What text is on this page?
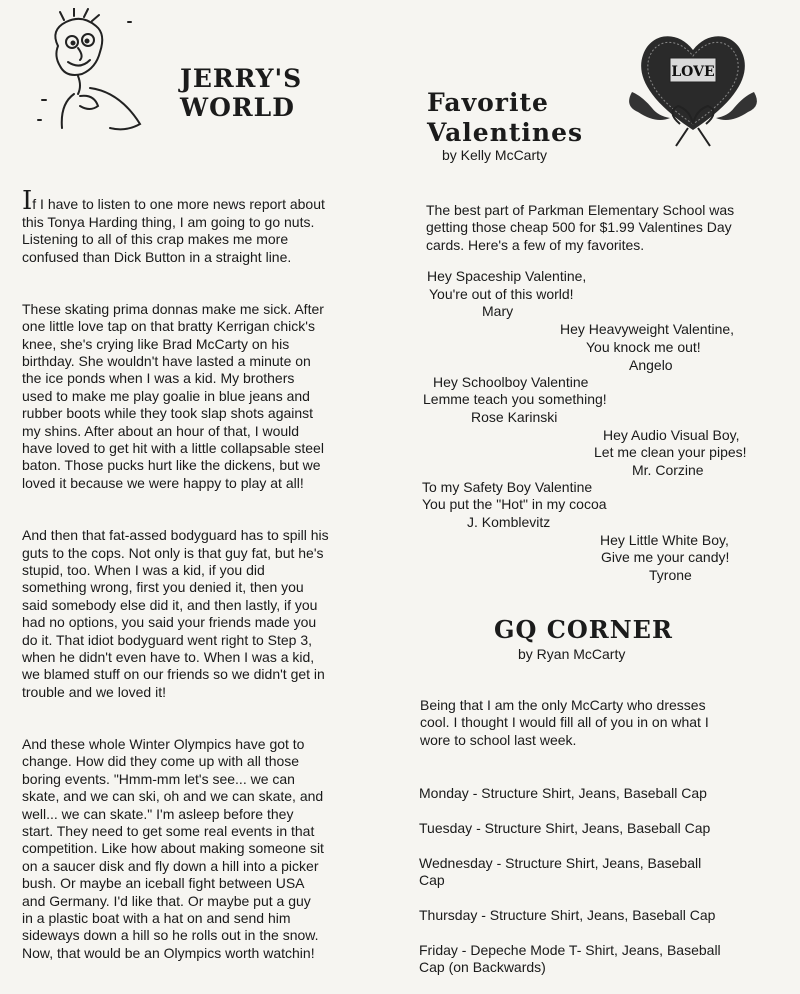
JERRY'S
WORLD

If I have to listen to one more news report about
this Tonya Harding thing, I am going to go nuts.
Listening to all of this crap makes me more
confused than Dick Button in a straight line.

These skating prima donnas make me sick. After
one little love tap on that bratty Kerrigan chick's
knee, she's crying like Brad McCarty on his
birthday. She wouldn't have lasted a minute on
the ice ponds when I was a kid. My brothers
used to make me play goalie in blue jeans and
rubber boots while they took slap shots against
my shins. After about an hour of that, I would
have loved to get hit with a little collapsable steel
baton. Those pucks hurt like the dickens, but we
loved it because we were happy to play at all!

And then that fat-assed bodyguard has to spill his
guts to the cops. Not only is that guy fat, but he's
stupid, too. When I was a kid, if you did
something wrong, first you denied it, then you
said somebody else did it, and then lastly, if you
had no options, you said your friends made you
do it. That idiot bodyguard went right to Step 3,
when he didn't even have to. When I was a kid,
we blamed stuff on our friends so we didn't get in
trouble and we loved it!

And these whole Winter Olympics have got to
change. How did they come up with all those
boring events. "Hmm-mm let's see... we can
skate, and we can ski, oh and we can skate, and
well... we can skate." I'm asleep before they
start. They need to get some real events in that
competition. Like how about making someone sit
on a saucer disk and fly down a hill into a picker
bush. Or maybe an iceball fight between USA
and Germany. I'd like that. Or maybe put a guy
in a plastic boat with a hat on and send him
sideways down a hill so he rolls out in the snow.
Now, that would be an Olympics worth watchin!

Favorite
Valentines
by Kelly McCarty
LOVE
The best part of Parkman Elementary School was
getting those cheap 500 for $1.99 Valentines Day
cards. Here's a few of my favorites.
Hey Spaceship Valentine,
You're out of this world!
Mary
Hey Heavyweight Valentine,
You knock me out!
Angelo
Hey Schoolboy Valentine
Lemme teach you something!
Rose Karinski
Hey Audio Visual Boy,
Let me clean your pipes!
Mr. Corzine
To my Safety Boy Valentine
You put the "Hot" in my cocoa
J. Komblevitz
Hey Little White Boy,
Give me your candy!
Tyrone
GQ CORNER
by Ryan McCarty
Being that I am the only McCarty who dresses
cool. I thought I would fill all of you in on what I
wore to school last week.

Monday - Structure Shirt, Jeans, Baseball Cap

Tuesday - Structure Shirt, Jeans, Baseball Cap

Wednesday - Structure Shirt, Jeans, Baseball
Cap

Thursday - Structure Shirt, Jeans, Baseball Cap

Friday - Depeche Mode T- Shirt, Jeans, Baseball
Cap (on Backwards)
